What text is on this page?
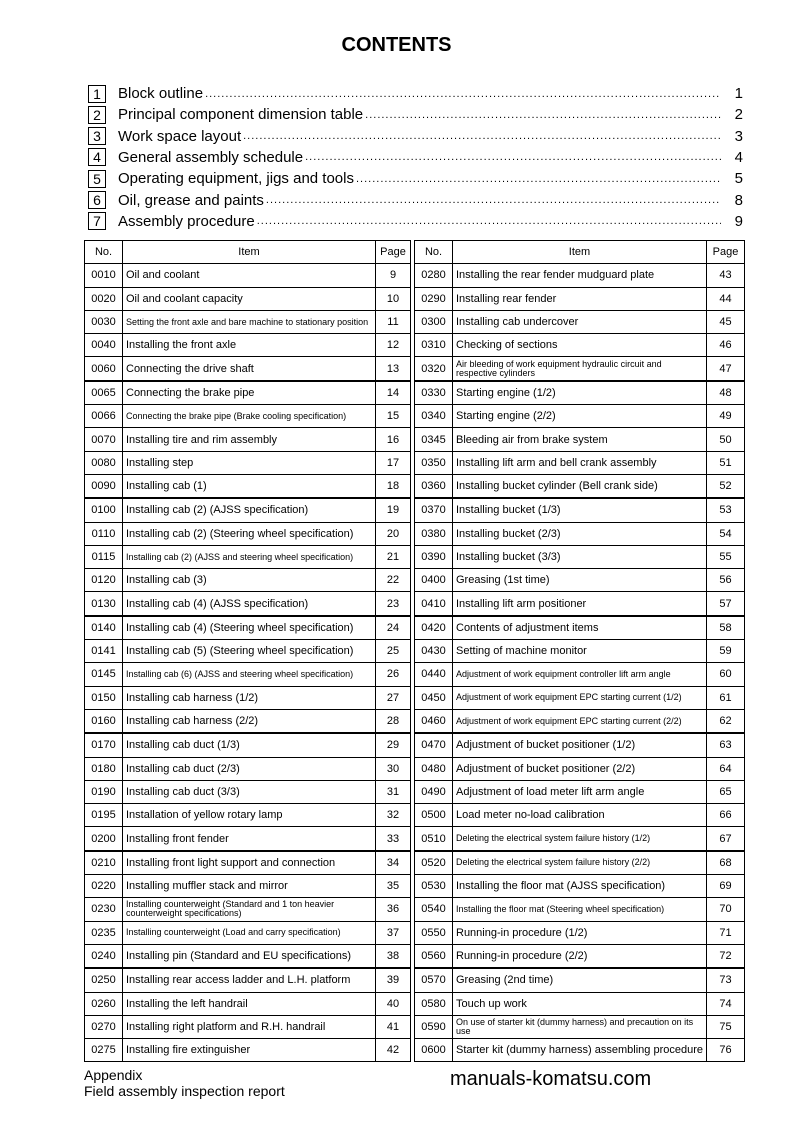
CONTENTS
1	Block outline .....	1
2	Principal component dimension table .....	2
3	Work space layout .....	3
4	General assembly schedule .....	4
5	Operating equipment, jigs and tools .....	5
6	Oil, grease and paints .....	8
7	Assembly procedure .....	9
No.	Item	Page
0010	Oil and coolant	9
0020	Oil and coolant capacity	10
0030	Setting the front axle and bare machine to stationary position	11
0040	Installing the front axle	12
0060	Connecting the drive shaft	13
0065	Connecting the brake pipe	14
0066	Connecting the brake pipe (Brake cooling specification)	15
0070	Installing tire and rim assembly	16
0080	Installing step	17
0090	Installing cab (1)	18
0100	Installing cab (2) (AJSS specification)	19
0110	Installing cab (2) (Steering wheel specification)	20
0115	Installing cab (2) (AJSS and steering wheel specification)	21
0120	Installing cab (3)	22
0130	Installing cab (4) (AJSS specification)	23
0140	Installing cab (4) (Steering wheel specification)	24
0141	Installing cab (5) (Steering wheel specification)	25
0145	Installing cab (6) (AJSS and steering wheel specification)	26
0150	Installing cab harness (1/2)	27
0160	Installing cab harness (2/2)	28
0170	Installing cab duct (1/3)	29
0180	Installing cab duct (2/3)	30
0190	Installing cab duct (3/3)	31
0195	Installation of yellow rotary lamp	32
0200	Installing front fender	33
0210	Installing front light support and connection	34
0220	Installing muffler stack and mirror	35
0230	Installing counterweight (Standard and 1 ton heavier counterweight specifications)	36
0235	Installing counterweight (Load and carry specification)	37
0240	Installing pin (Standard and EU specifications)	38
0250	Installing rear access ladder and L.H. platform	39
0260	Installing the left handrail	40
0270	Installing right platform and R.H. handrail	41
0275	Installing fire extinguisher	42
No.	Item	Page
0280	Installing the rear fender mudguard plate	43
0290	Installing rear fender	44
0300	Installing cab undercover	45
0310	Checking of sections	46
0320	Air bleeding of work equipment hydraulic circuit and respective cylinders	47
0330	Starting engine (1/2)	48
0340	Starting engine (2/2)	49
0345	Bleeding air from brake system	50
0350	Installing lift arm and bell crank assembly	51
0360	Installing bucket cylinder (Bell crank side)	52
0370	Installing bucket (1/3)	53
0380	Installing bucket (2/3)	54
0390	Installing bucket (3/3)	55
0400	Greasing (1st time)	56
0410	Installing lift arm positioner	57
0420	Contents of adjustment items	58
0430	Setting of machine monitor	59
0440	Adjustment of work equipment controller lift arm angle	60
0450	Adjustment of work equipment EPC starting current (1/2)	61
0460	Adjustment of work equipment EPC starting current (2/2)	62
0470	Adjustment of bucket positioner (1/2)	63
0480	Adjustment of bucket positioner (2/2)	64
0490	Adjustment of load meter lift arm angle	65
0500	Load meter no-load calibration	66
0510	Deleting the electrical system failure history (1/2)	67
0520	Deleting the electrical system failure history (2/2)	68
0530	Installing the floor mat (AJSS specification)	69
0540	Installing the floor mat (Steering wheel specification)	70
0550	Running-in procedure (1/2)	71
0560	Running-in procedure (2/2)	72
0570	Greasing (2nd time)	73
0580	Touch up work	74
0590	On use of starter kit (dummy harness) and precaution on its use	75
0600	Starter kit (dummy harness) assembling procedure	76
manuals-komatsu.com
Appendix
Field assembly inspection report
